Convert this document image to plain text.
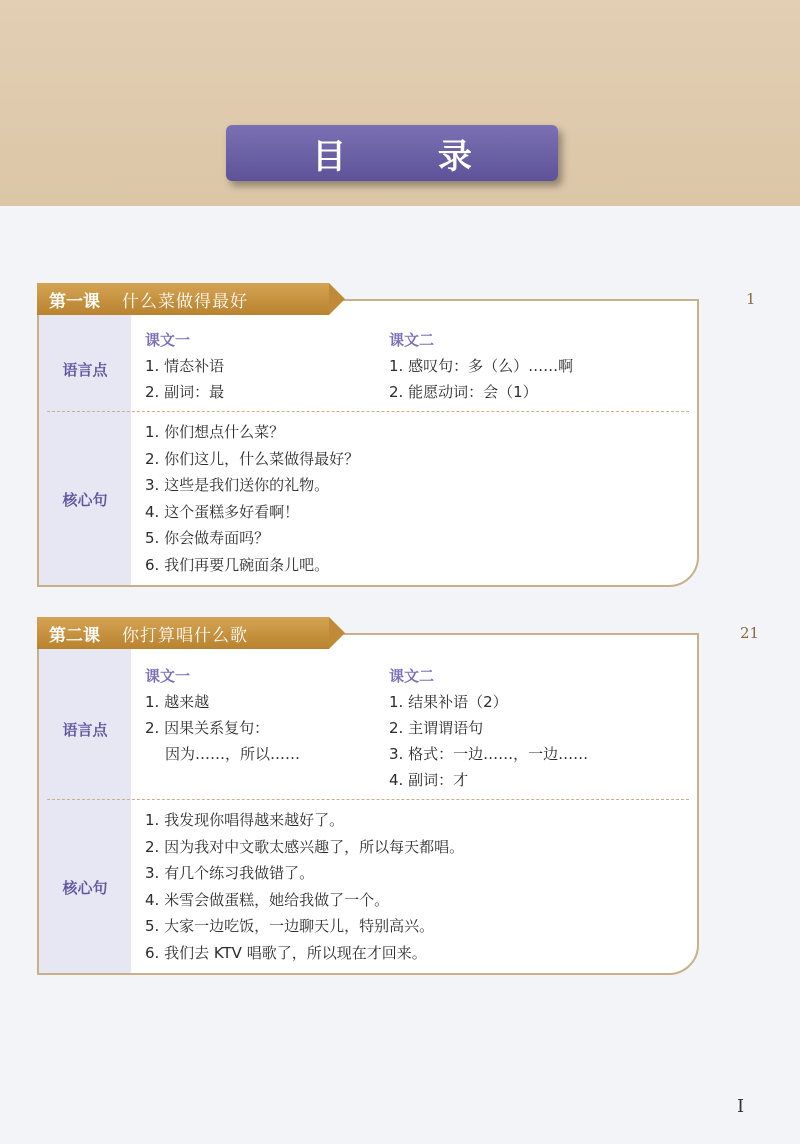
目 录
第一课 什么菜做得最好
语言点
核心句
课文一
1. 情态补语
2. 副词：最
课文二
1. 感叹句：多（么）……啊
2. 能愿动词：会（1）
1. 你们想点什么菜？
2. 你们这儿，什么菜做得最好？
3. 这些是我们送你的礼物。
4. 这个蛋糕多好看啊！
5. 你会做寿面吗？
6. 我们再要几碗面条儿吧。
1
第二课 你打算唱什么歌
语言点
核心句
课文一
1. 越来越
2. 因果关系复句：
因为……，所以……
课文二
1. 结果补语（2）
2. 主谓谓语句
3. 格式：一边……，一边……
4. 副词：才
1. 我发现你唱得越来越好了。
2. 因为我对中文歌太感兴趣了，所以每天都唱。
3. 有几个练习我做错了。
4. 米雪会做蛋糕，她给我做了一个。
5. 大家一边吃饭，一边聊天儿，特别高兴。
6. 我们去 KTV 唱歌了，所以现在才回来。
21
I
